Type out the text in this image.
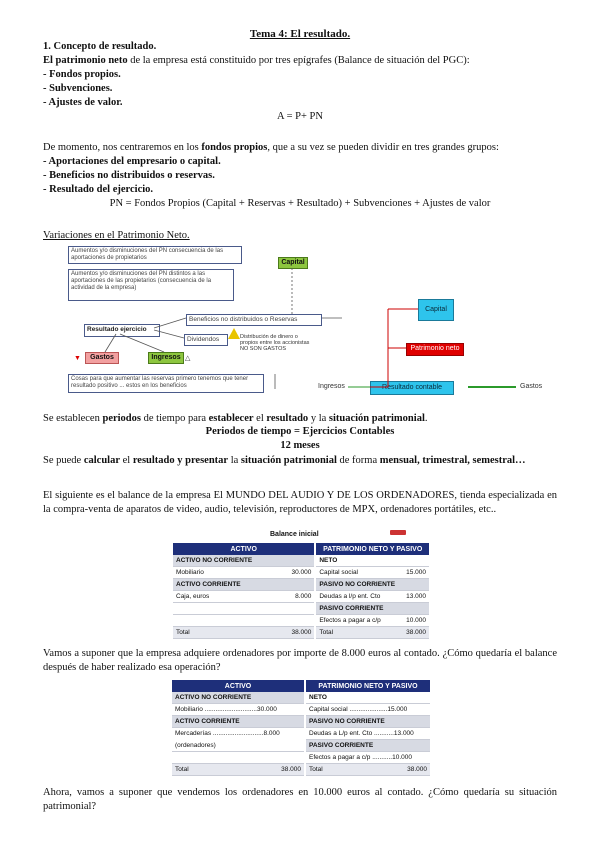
Tema 4: El resultado.
1. Concepto de resultado.
El patrimonio neto de la empresa está constituido por tres epígrafes (Balance de situación del PGC):
- Fondos propios.
- Subvenciones.
- Ajustes de valor.
A = P+ PN
De momento, nos centraremos en los fondos propios, que a su vez se pueden dividir en tres grandes grupos:
- Aportaciones del empresario o capital.
- Beneficios no distribuidos o reservas.
- Resultado del ejercicio.
PN = Fondos Propios (Capital + Reservas + Resultado) + Subvenciones + Ajustes de valor
Variaciones en el Patrimonio Neto.
Aumentos y/o disminuciones del PN consecuencia de las aportaciones de propietarios
Aumentos y/o disminuciones del PN distintos a las aportaciones de las propietarios (consecuencia de la actividad de la empresa)
Capital
Beneficios no distribuidos o Reservas
Resultado ejercicio
Dividendos	Distribución de dinero o propios entre los accionistas NO SON GASTOS
▼	Gastos	Ingresos △
Cosas para que aumentar las reservas primero tenemos que tener resultado positivo ... estos en los beneficios
Capital
Patrimonio neto
Resultado contable
Ingresos	Gastos
Se establecen periodos de tiempo para establecer el resultado y la situación patrimonial.
Periodos de tiempo = Ejercicios Contables
12 meses
Se puede calcular el resultado y presentar la situación patrimonial de forma mensual, trimestral, semestral…
El siguiente es el balance de la empresa El MUNDO DEL AUDIO Y DE LOS ORDENADORES, tienda especializada en la compra-venta de aparatos de video, audio, televisión, reproductores de MPX, ordenadores portátiles, etc..
Balance inicial
ACTIVO		PATRIMONIO NETO Y PASIVO	
ACTIVO NO CORRIENTE		NETO	
Mobiliario	30.000	Capital social	15.000
ACTIVO CORRIENTE		PASIVO NO CORRIENTE	
Caja, euros	8.000	Deudas a l/p ent. Cto	13.000
		PASIVO CORRIENTE	
		Efectos a pagar a c/p	10.000
Total	38.000	Total	38.000
Vamos a suponer que la empresa adquiere ordenadores por importe de 8.000 euros al contado. ¿Cómo quedaría el balance después de haber realizado esa operación?
ACTIVO	PATRIMONIO NETO Y PASIVO
ACTIVO NO CORRIENTE	NETO
Mobiliario .............................30.000	Capital social .....................15.000
ACTIVO CORRIENTE	PASIVO NO CORRIENTE
Mercaderías ............................8.000	Deudas a L/p ent. Cto ...........13.000
(ordenadores)	PASIVO CORRIENTE
	Efectos a pagar a c/p ...........10.000
Total 38.000	Total 38.000
Ahora, vamos a suponer que vendemos los ordenadores en 10.000 euros al contado. ¿Cómo quedaría su situación patrimonial?
